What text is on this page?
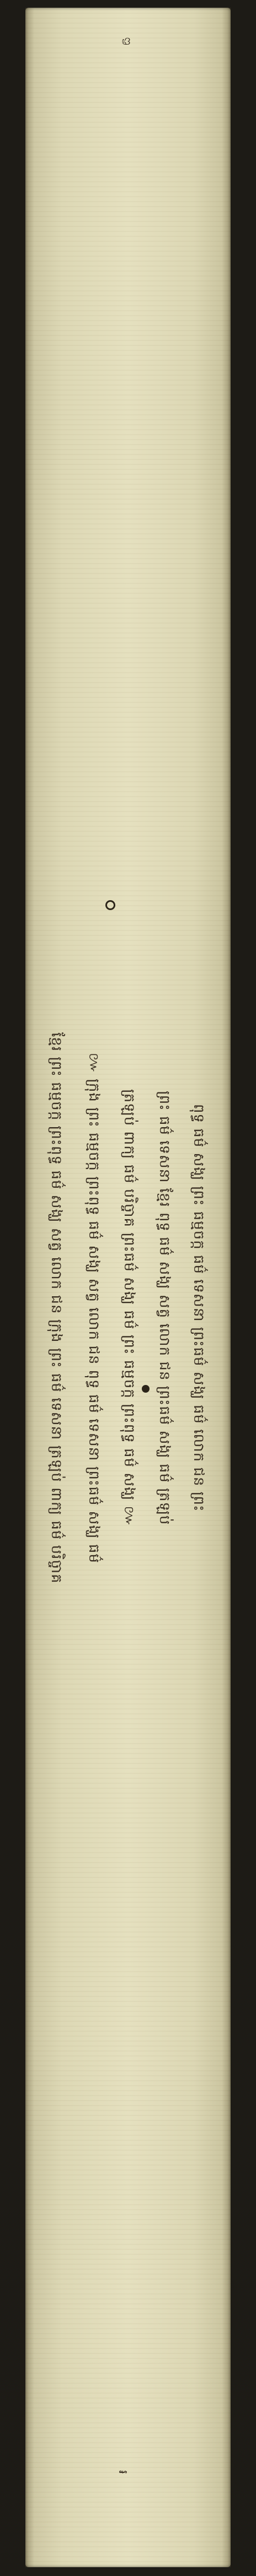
ᦗ
ខ្មែរ ព្រះ ធម្មចក្ក ព្រះពុទ្ធ ធម៌ សង្ឃ សត្វ លោក ជន ក្រុង ព្រះ ធម៌ ទេសនា ត្រឡប់ ពាក្យ ធម៌ បរិច្ចាគ ៚ ក្រុង ព្រះ ធម្មចក្ក ព្រះពុទ្ធ ធម៌ សង្ឃ សត្វ លោក ជន ពុទ្ធ ធម៌ ទេសនា ព្រះធម៌ សង្ឃ ធម៌ ត្រឡប់ ពាក្យ ធម៌ បរិច្ចាគ ព្រះធម៌ សង្ឃ ធម៌ ព្រះ ធម្មចក្ក ព្រះពុទ្ធ ធម៌ សង្ឃ ៚ ព្រះ ធម៌ ទេសនា ខ្មែរ ពុទ្ធ ធម៌ សង្ឃ សត្វ លោក ជន ព្រះធម៌ សង្ឃ ធម៌ ត្រឡប់ ពុទ្ធ ធម៌ សង្ឃ ព្រះ ធម្មចក្ក ធម៌ ទេសនា ព្រះធម៌ សង្ឃ ធម៌ លោក ជន ព្រះ
៛
